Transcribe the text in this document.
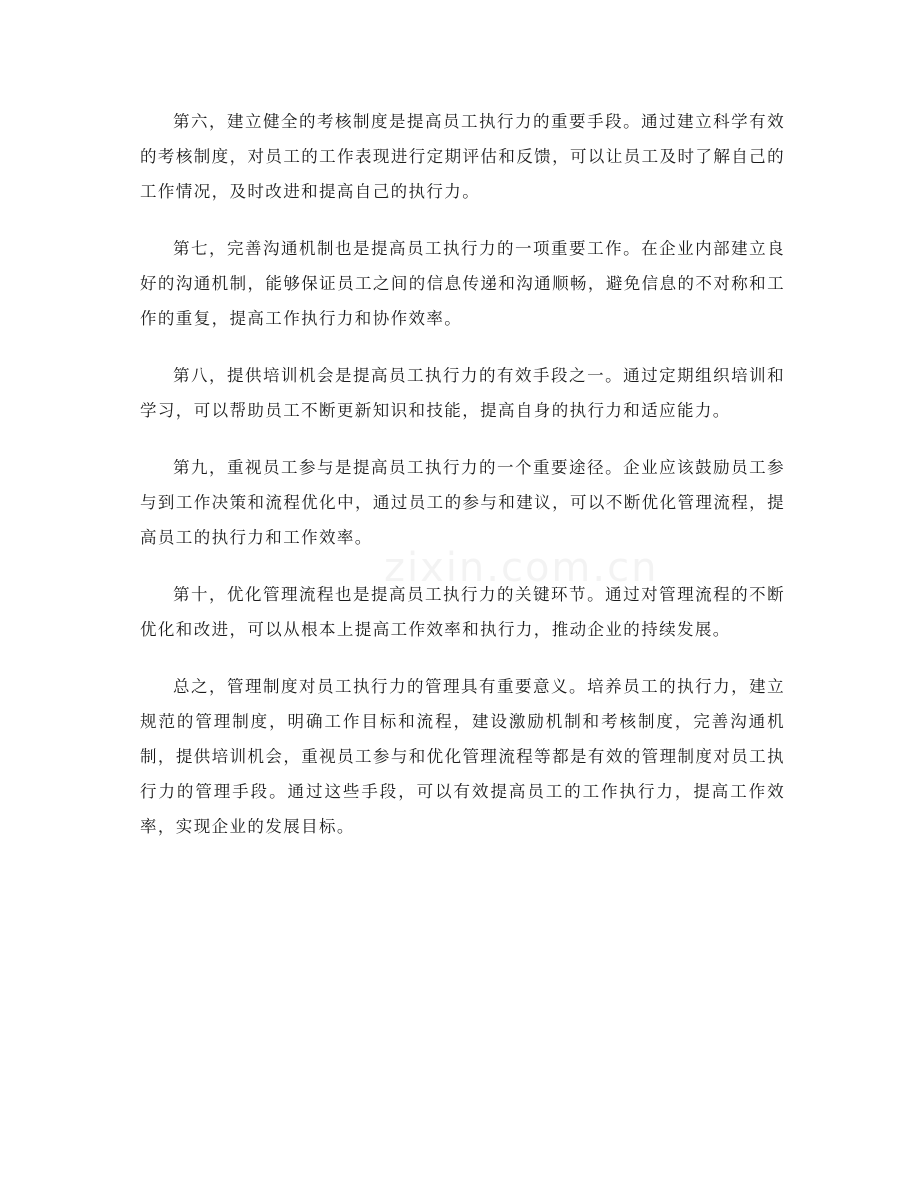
第六，建立健全的考核制度是提高员工执行力的重要手段。通过建立科学有效的考核制度，对员工的工作表现进行定期评估和反馈，可以让员工及时了解自己的工作情况，及时改进和提高自己的执行力。

第七，完善沟通机制也是提高员工执行力的一项重要工作。在企业内部建立良好的沟通机制，能够保证员工之间的信息传递和沟通顺畅，避免信息的不对称和工作的重复，提高工作执行力和协作效率。

第八，提供培训机会是提高员工执行力的有效手段之一。通过定期组织培训和学习，可以帮助员工不断更新知识和技能，提高自身的执行力和适应能力。

第九，重视员工参与是提高员工执行力的一个重要途径。企业应该鼓励员工参与到工作决策和流程优化中，通过员工的参与和建议，可以不断优化管理流程，提高员工的执行力和工作效率。

第十，优化管理流程也是提高员工执行力的关键环节。通过对管理流程的不断优化和改进，可以从根本上提高工作效率和执行力，推动企业的持续发展。

总之，管理制度对员工执行力的管理具有重要意义。培养员工的执行力，建立规范的管理制度，明确工作目标和流程，建设激励机制和考核制度，完善沟通机制，提供培训机会，重视员工参与和优化管理流程等都是有效的管理制度对员工执行力的管理手段。通过这些手段，可以有效提高员工的工作执行力，提高工作效率，实现企业的发展目标。

zixin.com.cn
